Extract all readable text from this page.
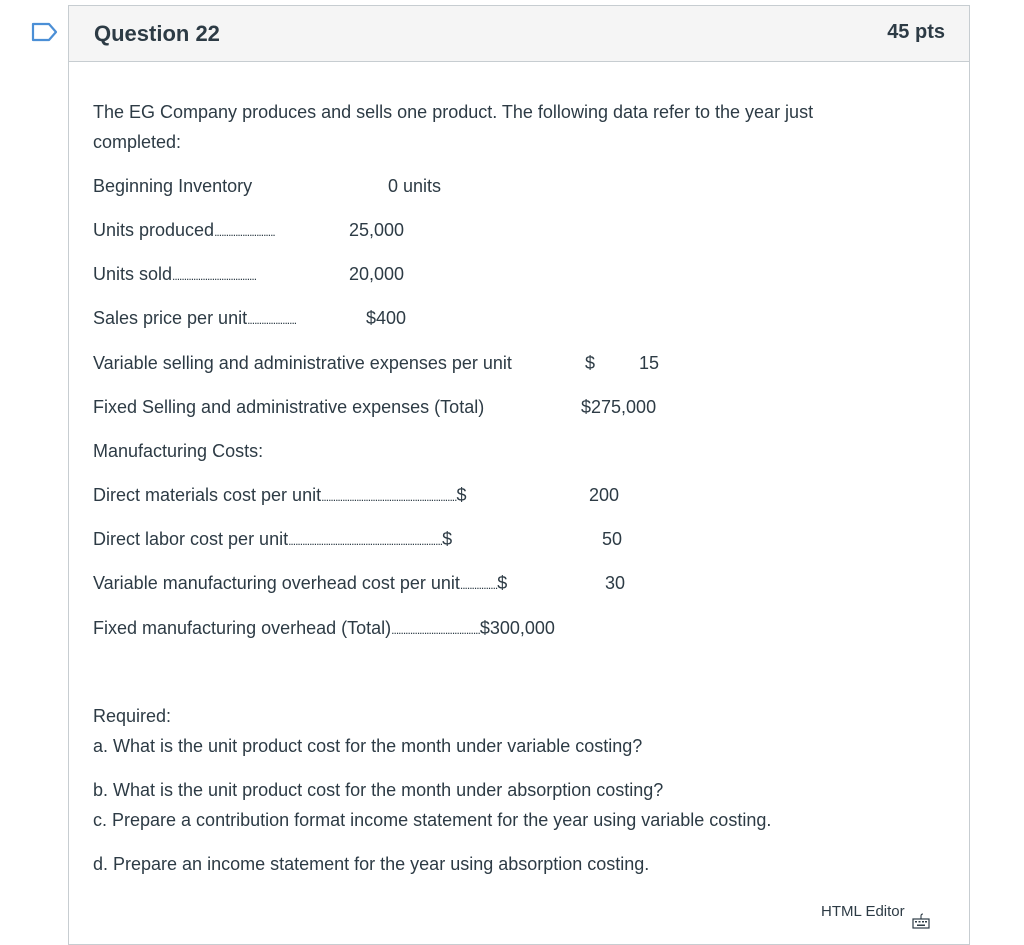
Question 22	45 pts
The EG Company produces and sells one product. The following data refer to the year just
completed:
Beginning Inventory	0 units
Units produced..........................	25,000
Units sold....................................	20,000
Sales price per unit.....................	$400
Variable selling and administrative expenses per unit	$ 15
Fixed Selling and administrative expenses (Total)	$275,000
Manufacturing Costs:
Direct materials cost per unit..........................................................$	200
Direct labor cost per unit..................................................................$	50
Variable manufacturing overhead cost per unit................$	30
Fixed manufacturing overhead (Total)......................................$300,000
Required:
a. What is the unit product cost for the month under variable costing?
b. What is the unit product cost for the month under absorption costing?
c. Prepare a contribution format income statement for the year using variable costing.
d. Prepare an income statement for the year using absorption costing.
HTML Editor
